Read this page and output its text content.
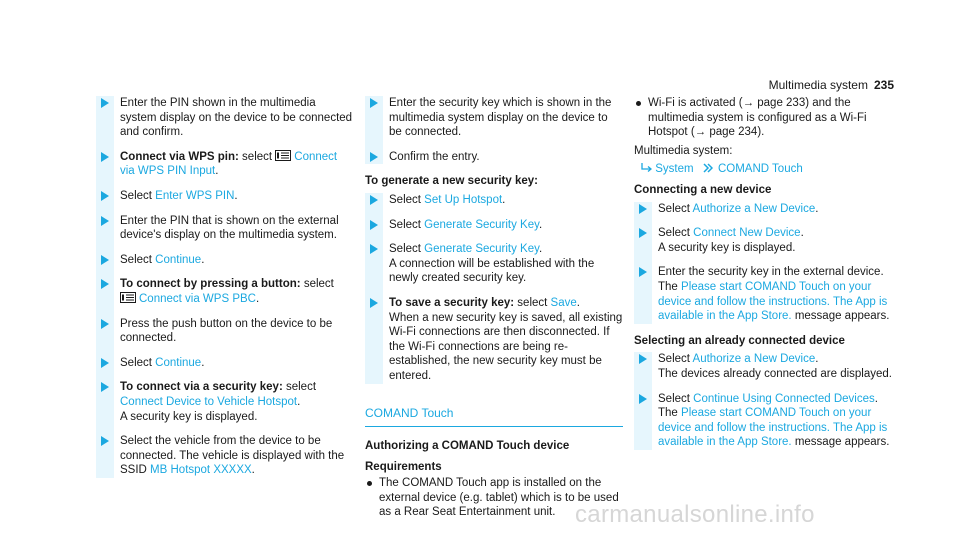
Multimedia system 235
Enter the PIN shown in the multimedia system display on the device to be connected and confirm.
Connect via WPS pin: select Connect via WPS PIN Input.
Select Enter WPS PIN.
Enter the PIN that is shown on the external device's display on the multimedia system.
Select Continue.
To connect by pressing a button: select
Connect via WPS PBC.
Press the push button on the device to be connected.
Select Continue.
To connect via a security key: select Connect Device to Vehicle Hotspot.
A security key is displayed.
Select the vehicle from the device to be connected. The vehicle is displayed with the SSID MB Hotspot XXXXX.
Enter the security key which is shown in the multimedia system display on the device to be connected.
Confirm the entry.
To generate a new security key:
Select Set Up Hotspot.
Select Generate Security Key.
Select Generate Security Key.
A connection will be established with the newly created security key.
To save a security key: select Save.
When a new security key is saved, all existing Wi-Fi connections are then disconnected. If the Wi-Fi connections are being re-established, the new security key must be entered.
COMAND Touch
Authorizing a COMAND Touch device
Requirements
The COMAND Touch app is installed on the external device (e.g. tablet) which is to be used as a Rear Seat Entertainment unit.
Wi-Fi is activated (→ page 233) and the multimedia system is configured as a Wi-Fi Hotspot (→ page 234).
Multimedia system:
System COMAND Touch
Connecting a new device
Select Authorize a New Device.
Select Connect New Device.
A security key is displayed.
Enter the security key in the external device. The Please start COMAND Touch on your device and follow the instructions. The App is available in the App Store. message appears.
Selecting an already connected device
Select Authorize a New Device.
The devices already connected are displayed.
Select Continue Using Connected Devices.
The Please start COMAND Touch on your device and follow the instructions. The App is available in the App Store. message appears.
carmanualsonline.info
